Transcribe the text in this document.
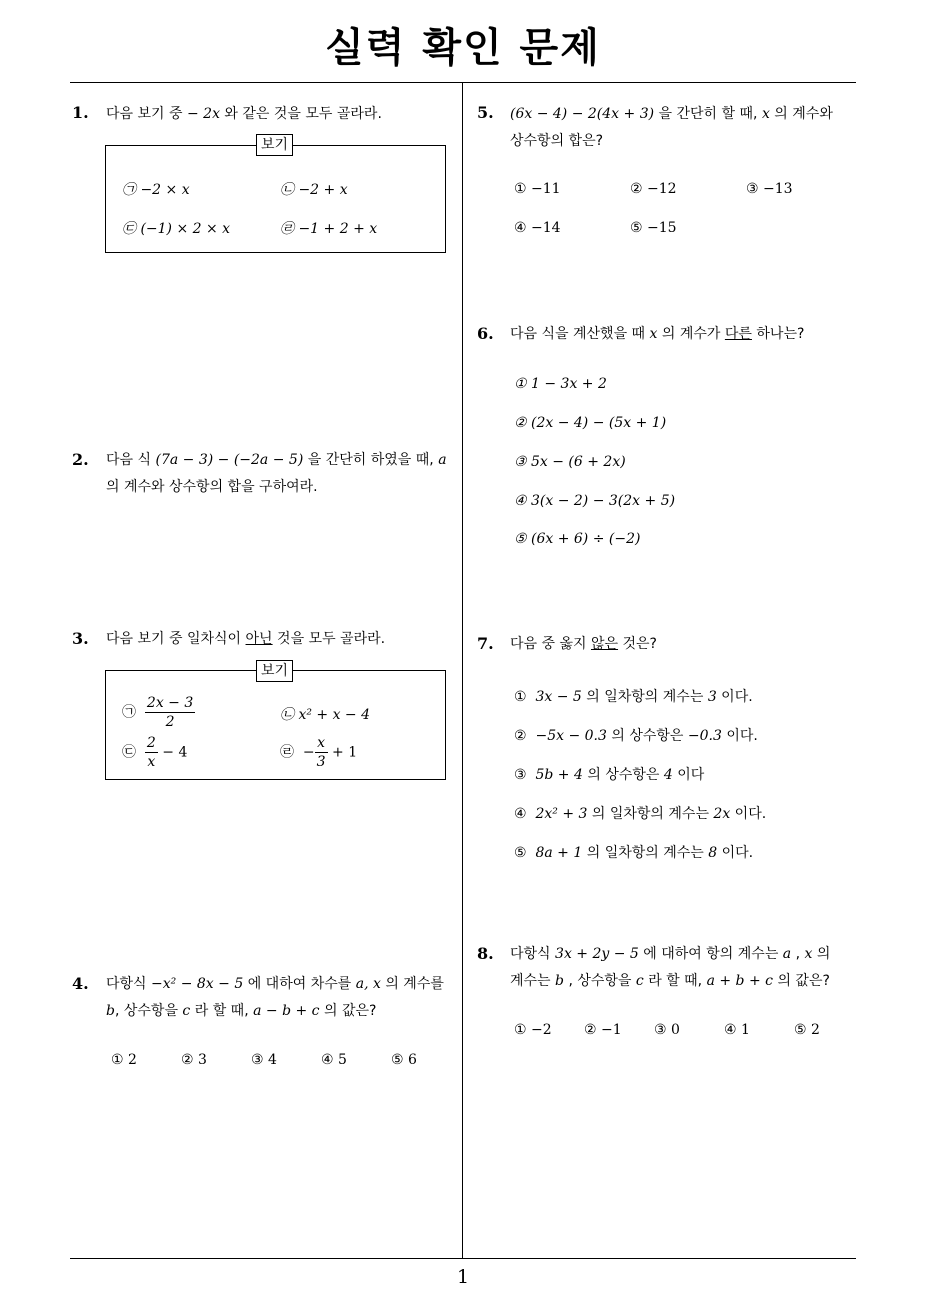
실력 확인 문제
1
1. 다음 보기 중 − 2x 와 같은 것을 모두 골라라.
보기
㉠ −2 × x	㉡ −2 + x
㉢ (−1) × 2 × x	㉣ −1 + 2 + x
2. 다음 식 (7a − 3) − (−2a − 5) 을 간단히 하였을 때, a
의 계수와 상수항의 합을 구하여라.
3. 다음 보기 중 일차식이 아닌 것을 모두 골라라.
보기
㉠ $\frac{2x - 3}{2}$	㉡ x² + x − 4
㉢ $\frac{2}{x} - 4$	㉣ − $\frac{x}{3} + 1$
4. 다항식 −x² − 8x − 5 에 대하여 차수를 a, x 의 계수를
b, 상수항을 c 라 할 때, a − b + c 의 값은?
① 2	② 3	③ 4	④ 5	⑤ 6
5. (6x − 4) − 2(4x + 3) 을 간단히 할 때, x 의 계수와
상수항의 합은?
① −11	② −12	③ −13
④ −14	⑤ −15
6. 다음 식을 계산했을 때 x 의 계수가 다른 하나는?
① 1 − 3x + 2
② (2x − 4) − (5x + 1)
③ 5x − (6 + 2x)
④ 3(x − 2) − 3(2x + 5)
⑤ (6x + 6) ÷ (−2)
7. 다음 중 옳지 않은 것은?
① 3x − 5 의 일차항의 계수는 3 이다.
② −5x − 0.3 의 상수항은 −0.3 이다.
③ 5b + 4 의 상수항은 4 이다
④ 2x² + 3 의 일차항의 계수는 2x 이다.
⑤ 8a + 1 의 일차항의 계수는 8 이다.
8. 다항식 3x + 2y − 5 에 대하여 항의 계수는 a , x 의
계수는 b , 상수항을 c 라 할 때, a + b + c 의 값은?
① −2 ② −1 ③ 0	④ 1	⑤ 2
